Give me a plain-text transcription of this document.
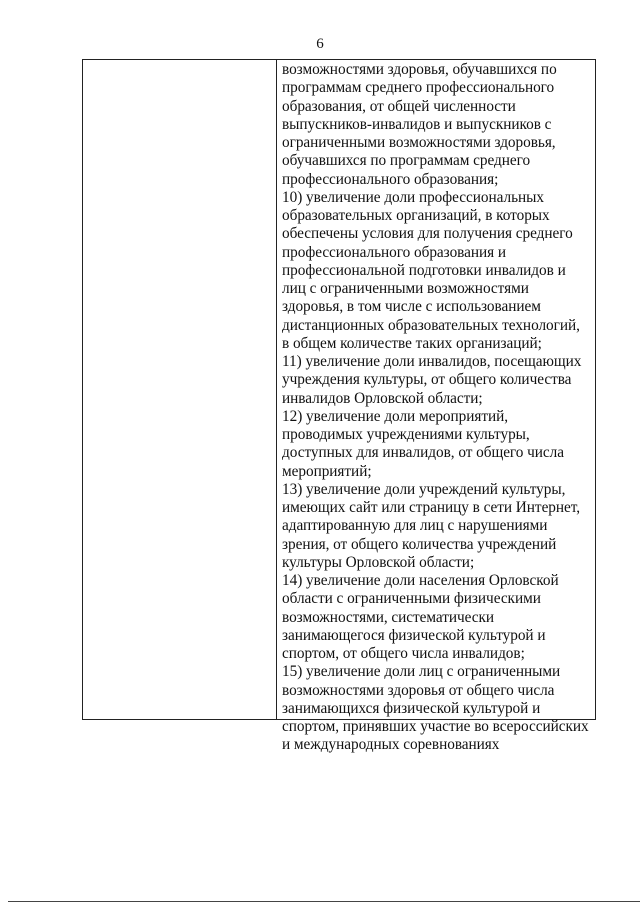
6
возможностями здоровья, обучавшихся по
программам среднего профессионального
образования, от общей численности
выпускников-инвалидов и выпускников с
ограниченными возможностями здоровья,
обучавшихся по программам среднего
профессионального образования;
10) увеличение доли профессиональных
образовательных организаций, в которых
обеспечены условия для получения среднего
профессионального образования и
профессиональной подготовки инвалидов и
лиц с ограниченными возможностями
здоровья, в том числе с использованием
дистанционных образовательных технологий,
в общем количестве таких организаций;
11) увеличение доли инвалидов, посещающих
учреждения культуры, от общего количества
инвалидов Орловской области;
12) увеличение доли мероприятий,
проводимых учреждениями культуры,
доступных для инвалидов, от общего числа
мероприятий;
13) увеличение доли учреждений культуры,
имеющих сайт или страницу в сети Интернет,
адаптированную для лиц с нарушениями
зрения, от общего количества учреждений
культуры Орловской области;
14) увеличение доли населения Орловской
области с ограниченными физическими
возможностями, систематически
занимающегося физической культурой и
спортом, от общего числа инвалидов;
15) увеличение доли лиц с ограниченными
возможностями здоровья от общего числа
занимающихся физической культурой и
спортом, принявших участие во всероссийских
и международных соревнованиях
